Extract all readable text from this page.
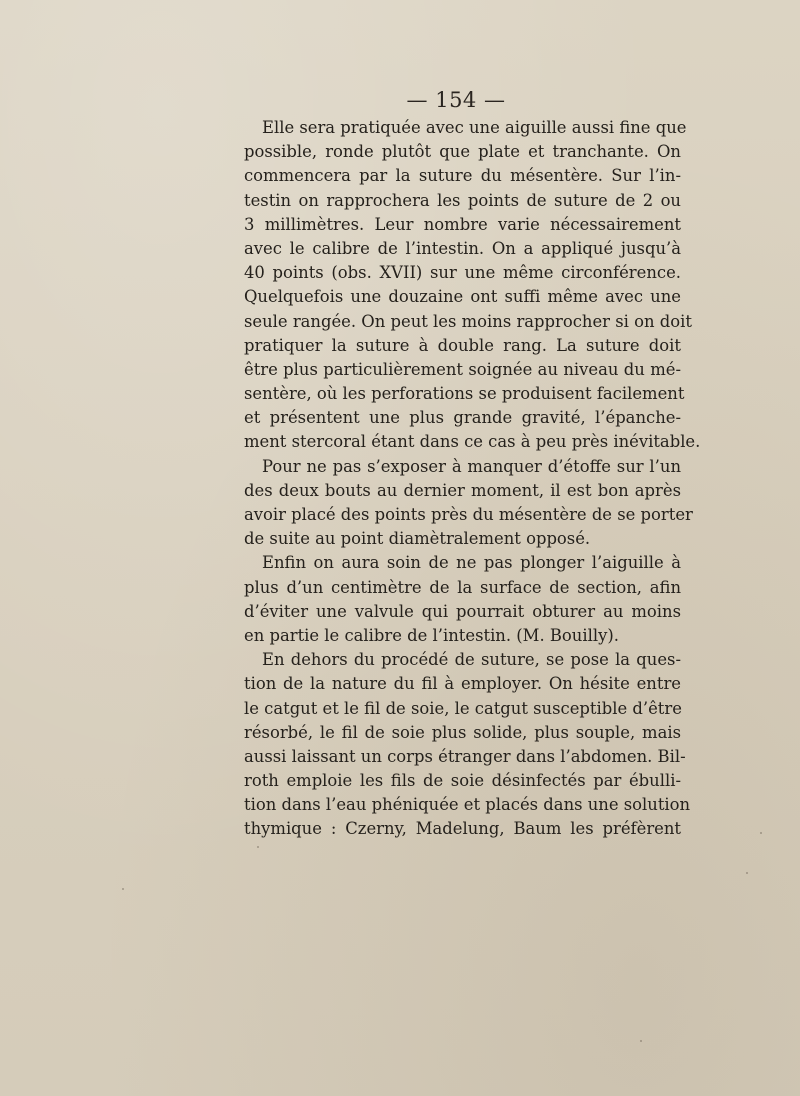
— 154 —
Elle sera pratiquée avec une aiguille aussi fine que
possible, ronde plutôt que plate et tranchante. On
commencera par la suture du mésentère. Sur l’in-
testin on rapprochera les points de suture de 2 ou
3 millimètres. Leur nombre varie nécessairement
avec le calibre de l’intestin. On a appliqué jusqu’à
40 points (obs. XVII) sur une même circonférence.
Quelquefois une douzaine ont suffi même avec une
seule rangée. On peut les moins rapprocher si on doit
pratiquer la suture à double rang. La suture doit
être plus particulièrement soignée au niveau du mé-
sentère, où les perforations se produisent facilement
et présentent une plus grande gravité, l’épanche-
ment stercoral étant dans ce cas à peu près inévitable.
Pour ne pas s’exposer à manquer d’étoffe sur l’un
des deux bouts au dernier moment, il est bon après
avoir placé des points près du mésentère de se porter
de suite au point diamètralement opposé.
Enfin on aura soin de ne pas plonger l’aiguille à
plus d’un centimètre de la surface de section, afin
d’éviter une valvule qui pourrait obturer au moins
en partie le calibre de l’intestin. (M. Bouilly).
En dehors du procédé de suture, se pose la ques-
tion de la nature du fil à employer. On hésite entre
le catgut et le fil de soie, le catgut susceptible d’être
résorbé, le fil de soie plus solide, plus souple, mais
aussi laissant un corps étranger dans l’abdomen. Bil-
roth emploie les fils de soie désinfectés par ébulli-
tion dans l’eau phéniquée et placés dans une solution
thymique : Czerny, Madelung, Baum les préfèrent
